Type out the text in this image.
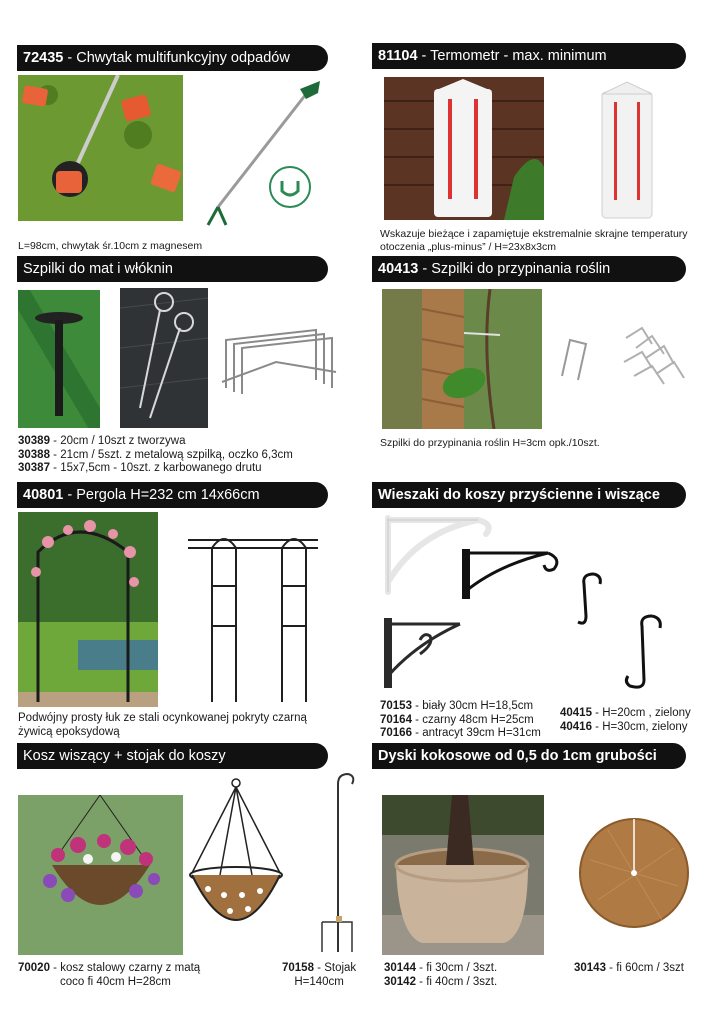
72435 - Chwytak multifunkcyjny odpadów
L=98cm, chwytak śr.10cm z magnesem
81104 - Termometr - max. minimum
Wskazuje bieżące i zapamiętuje ekstremalnie skrajne temperatury otoczenia „plus-minus” / H=23x8x3cm
Szpilki do mat i włóknin
30389 - 20cm / 10szt z tworzywa
30388 - 21cm / 5szt. z metalową szpilką, oczko 6,3cm
30387 - 15x7,5cm - 10szt. z karbowanego drutu
40413 - Szpilki do przypinania roślin
Szpilki do przypinania roślin H=3cm opk./10szt.
40801 - Pergola H=232 cm 14x66cm
Podwójny prosty łuk ze stali ocynkowanej pokryty czarną żywicą epoksydową
Wieszaki do koszy przyścienne i wiszące
70153 - biały 30cm H=18,5cm
70164 - czarny 48cm H=25cm
70166 - antracyt 39cm H=31cm
40415 - H=20cm , zielony
40416 - H=30cm, zielony
Kosz wiszący + stojak do koszy
70020 - kosz stalowy czarny z matą
coco fi 40cm H=28cm
70158 - Stojak
H=140cm
Dyski kokosowe od 0,5 do 1cm grubości
30144 - fi 30cm / 3szt.
30142 - fi 40cm / 3szt.
30143 - fi 60cm / 3szt
